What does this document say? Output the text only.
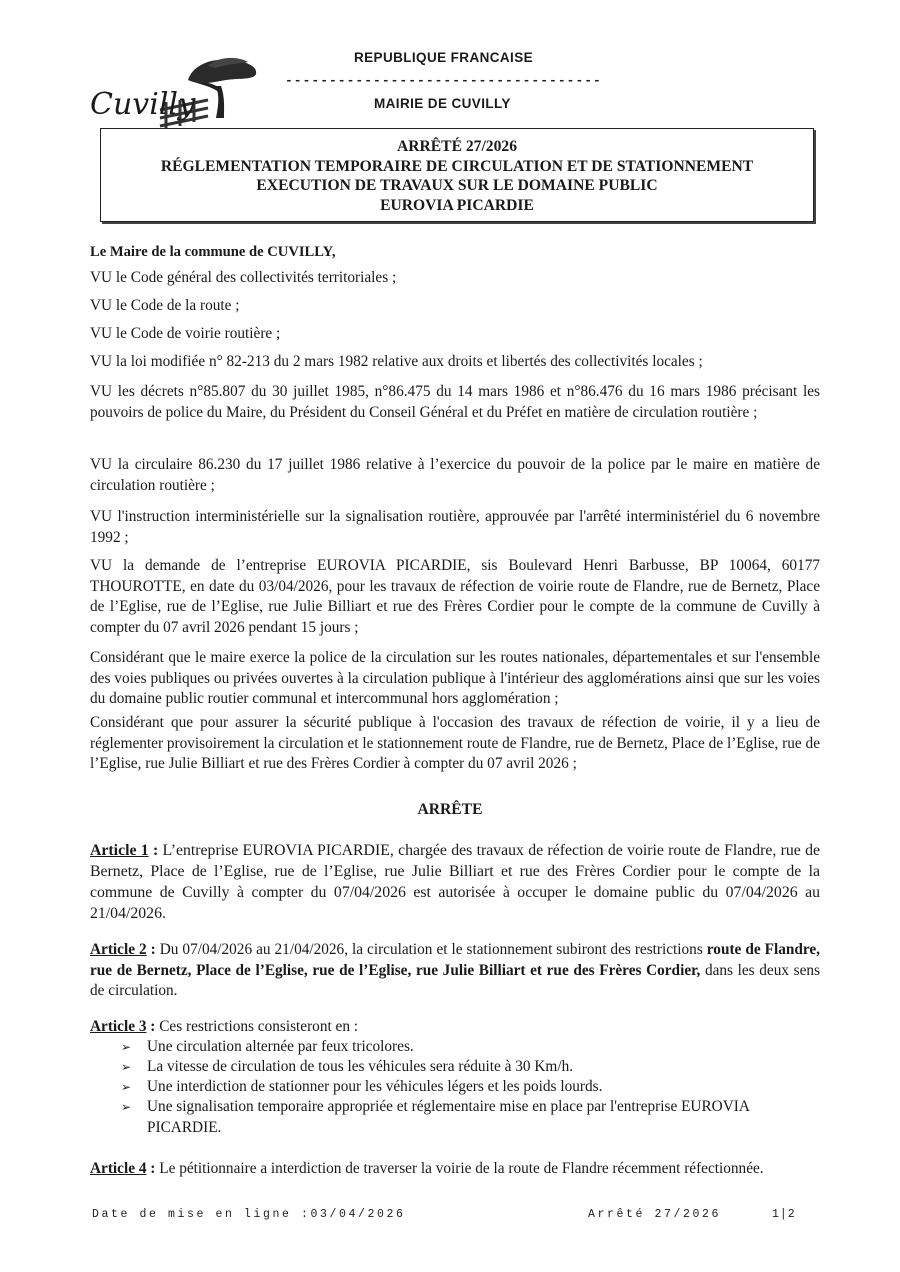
Cuvilly
REPUBLIQUE FRANCAISE
------------------------------------
MAIRIE DE CUVILLY
ARRÊTÉ 27/2026
RÉGLEMENTATION TEMPORAIRE DE CIRCULATION ET DE STATIONNEMENT
EXECUTION DE TRAVAUX SUR LE DOMAINE PUBLIC
EUROVIA PICARDIE
Le Maire de la commune de CUVILLY,
VU le Code général des collectivités territoriales ;
VU le Code de la route ;
VU le Code de voirie routière ;
VU la loi modifiée n° 82-213 du 2 mars 1982 relative aux droits et libertés des collectivités locales ;
VU les décrets n°85.807 du 30 juillet 1985, n°86.475 du 14 mars 1986 et n°86.476 du 16 mars 1986 précisant les pouvoirs de police du Maire, du Président du Conseil Général et du Préfet en matière de circulation routière ;
VU la circulaire 86.230 du 17 juillet 1986 relative à l’exercice du pouvoir de la police par le maire en matière de circulation routière ;
VU l'instruction interministérielle sur la signalisation routière, approuvée par l'arrêté interministériel du 6 novembre 1992 ;
VU la demande de l’entreprise EUROVIA PICARDIE, sis Boulevard Henri Barbusse, BP 10064, 60177 THOUROTTE, en date du 03/04/2026, pour les travaux de réfection de voirie route de Flandre, rue de Bernetz, Place de l’Eglise, rue de l’Eglise, rue Julie Billiart et rue des Frères Cordier pour le compte de la commune de Cuvilly à compter du 07 avril 2026 pendant 15 jours ;
Considérant que le maire exerce la police de la circulation sur les routes nationales, départementales et sur l'ensemble des voies publiques ou privées ouvertes à la circulation publique à l'intérieur des agglomérations ainsi que sur les voies du domaine public routier communal et intercommunal hors agglomération ;
Considérant que pour assurer la sécurité publique à l'occasion des travaux de réfection de voirie, il y a lieu de réglementer provisoirement la circulation et le stationnement route de Flandre, rue de Bernetz, Place de l’Eglise, rue de l’Eglise, rue Julie Billiart et rue des Frères Cordier à compter du 07 avril 2026 ;
ARRÊTE
Article 1 : L’entreprise EUROVIA PICARDIE, chargée des travaux de réfection de voirie route de Flandre, rue de Bernetz, Place de l’Eglise, rue de l’Eglise, rue Julie Billiart et rue des Frères Cordier pour le compte de la commune de Cuvilly à compter du 07/04/2026 est autorisée à occuper le domaine public du 07/04/2026 au 21/04/2026.
Article 2 : Du 07/04/2026 au 21/04/2026, la circulation et le stationnement subiront des restrictions route de Flandre, rue de Bernetz, Place de l’Eglise, rue de l’Eglise, rue Julie Billiart et rue des Frères Cordier, dans les deux sens de circulation.
Article 3 : Ces restrictions consisteront en :
➢ Une circulation alternée par feux tricolores.
➢ La vitesse de circulation de tous les véhicules sera réduite à 30 Km/h.
➢ Une interdiction de stationner pour les véhicules légers et les poids lourds.
➢ Une signalisation temporaire appropriée et réglementaire mise en place par l'entreprise EUROVIA PICARDIE.
Article 4 : Le pétitionnaire a interdiction de traverser la voirie de la route de Flandre récemment réfectionnée.
Date de mise en ligne :03/04/2026	Arrêté 27/2026	1|2
